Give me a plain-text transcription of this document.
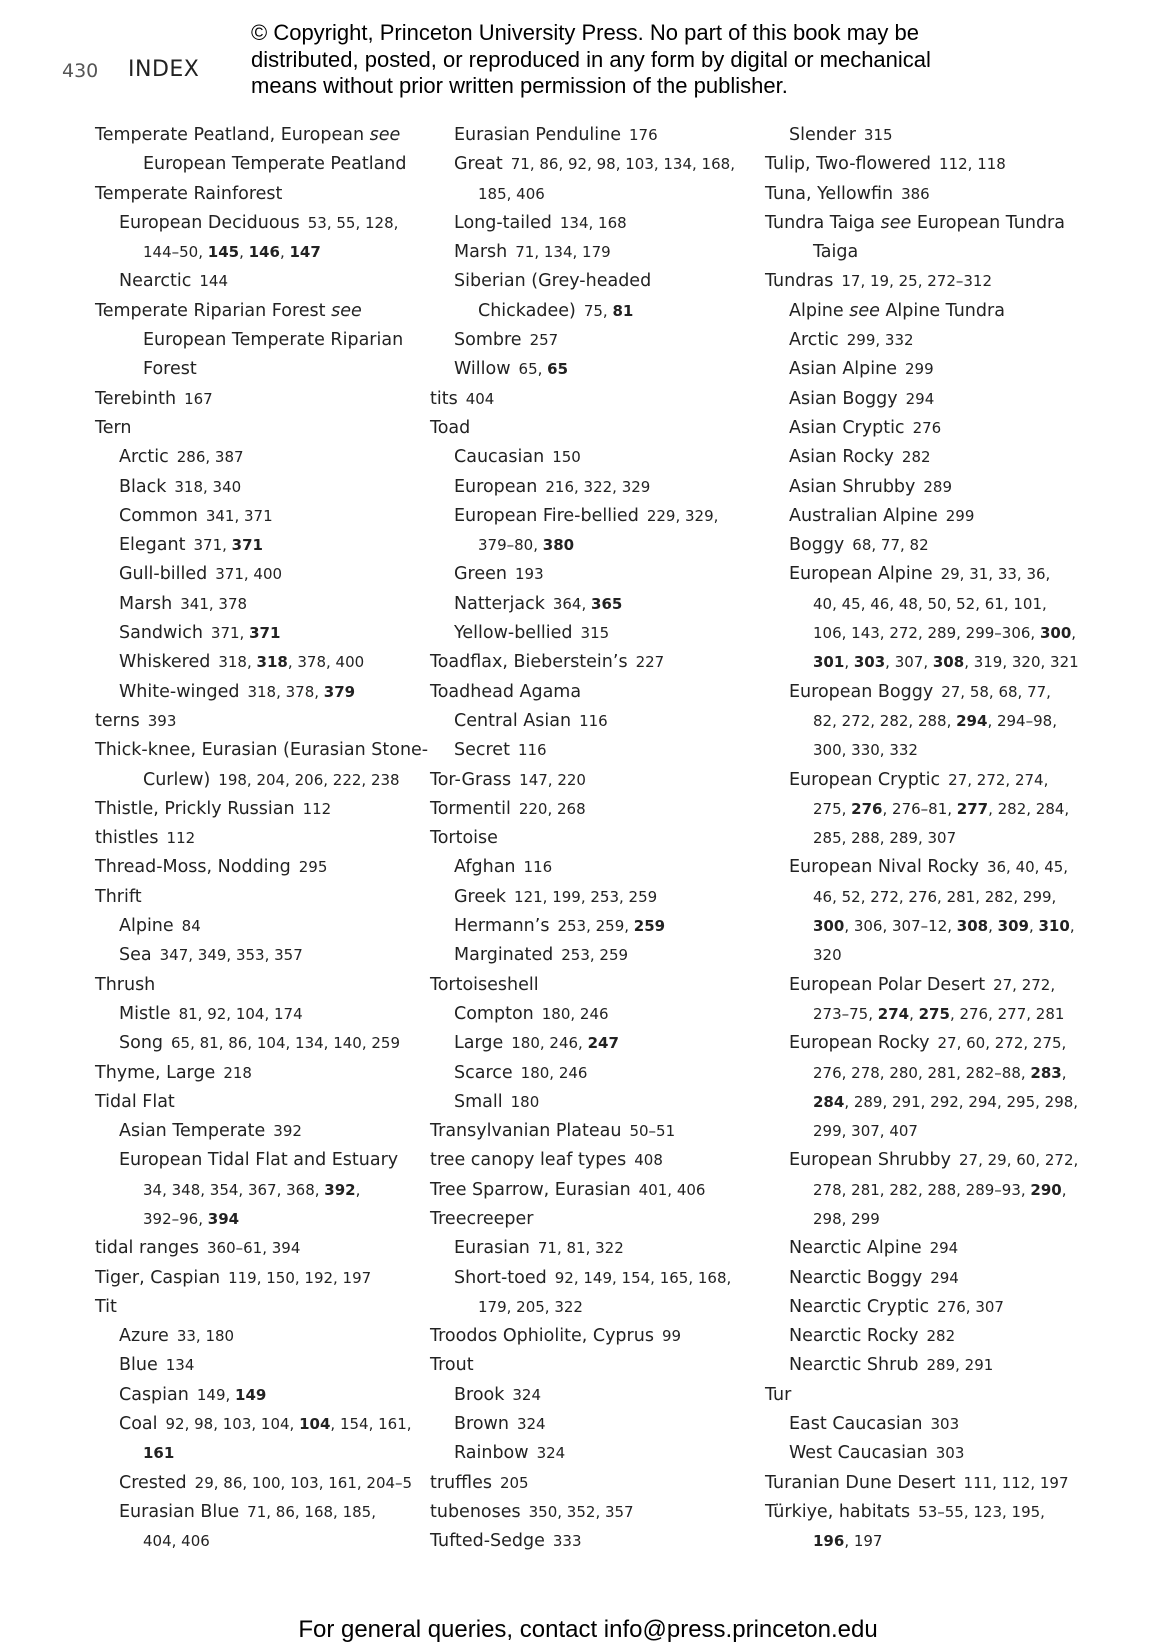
430 INDEX
© Copyright, Princeton University Press. No part of this book may be
distributed, posted, or reproduced in any form by digital or mechanical
means without prior written permission of the publisher.
Temperate Peatland, European see
European Temperate Peatland
Temperate Rainforest
European Deciduous 53, 55, 128,
144–50, 145, 146, 147
Nearctic 144
Temperate Riparian Forest see
European Temperate Riparian
Forest
Terebinth 167
Tern
Arctic 286, 387
Black 318, 340
Common 341, 371
Elegant 371, 371
Gull-billed 371, 400
Marsh 341, 378
Sandwich 371, 371
Whiskered 318, 318, 378, 400
White-winged 318, 378, 379
terns 393
Thick-knee, Eurasian (Eurasian Stone-
Curlew) 198, 204, 206, 222, 238
Thistle, Prickly Russian 112
thistles 112
Thread-Moss, Nodding 295
Thrift
Alpine 84
Sea 347, 349, 353, 357
Thrush
Mistle 81, 92, 104, 174
Song 65, 81, 86, 104, 134, 140, 259
Thyme, Large 218
Tidal Flat
Asian Temperate 392
European Tidal Flat and Estuary
34, 348, 354, 367, 368, 392,
392–96, 394
tidal ranges 360–61, 394
Tiger, Caspian 119, 150, 192, 197
Tit
Azure 33, 180
Blue 134
Caspian 149, 149
Coal 92, 98, 103, 104, 104, 154, 161,
161
Crested 29, 86, 100, 103, 161, 204–5
Eurasian Blue 71, 86, 168, 185,
404, 406
Eurasian Penduline 176
Great 71, 86, 92, 98, 103, 134, 168,
185, 406
Long-tailed 134, 168
Marsh 71, 134, 179
Siberian (Grey-headed
Chickadee) 75, 81
Sombre 257
Willow 65, 65
tits 404
Toad
Caucasian 150
European 216, 322, 329
European Fire-bellied 229, 329,
379–80, 380
Green 193
Natterjack 364, 365
Yellow-bellied 315
Toadflax, Bieberstein’s 227
Toadhead Agama
Central Asian 116
Secret 116
Tor-Grass 147, 220
Tormentil 220, 268
Tortoise
Afghan 116
Greek 121, 199, 253, 259
Hermann’s 253, 259, 259
Marginated 253, 259
Tortoiseshell
Compton 180, 246
Large 180, 246, 247
Scarce 180, 246
Small 180
Transylvanian Plateau 50–51
tree canopy leaf types 408
Tree Sparrow, Eurasian 401, 406
Treecreeper
Eurasian 71, 81, 322
Short-toed 92, 149, 154, 165, 168,
179, 205, 322
Troodos Ophiolite, Cyprus 99
Trout
Brook 324
Brown 324
Rainbow 324
truffles 205
tubenoses 350, 352, 357
Tufted-Sedge 333
Slender 315
Tulip, Two-flowered 112, 118
Tuna, Yellowfin 386
Tundra Taiga see European Tundra
Taiga
Tundras 17, 19, 25, 272–312
Alpine see Alpine Tundra
Arctic 299, 332
Asian Alpine 299
Asian Boggy 294
Asian Cryptic 276
Asian Rocky 282
Asian Shrubby 289
Australian Alpine 299
Boggy 68, 77, 82
European Alpine 29, 31, 33, 36,
40, 45, 46, 48, 50, 52, 61, 101,
106, 143, 272, 289, 299–306, 300,
301, 303, 307, 308, 319, 320, 321
European Boggy 27, 58, 68, 77,
82, 272, 282, 288, 294, 294–98,
300, 330, 332
European Cryptic 27, 272, 274,
275, 276, 276–81, 277, 282, 284,
285, 288, 289, 307
European Nival Rocky 36, 40, 45,
46, 52, 272, 276, 281, 282, 299,
300, 306, 307–12, 308, 309, 310,
320
European Polar Desert 27, 272,
273–75, 274, 275, 276, 277, 281
European Rocky 27, 60, 272, 275,
276, 278, 280, 281, 282–88, 283,
284, 289, 291, 292, 294, 295, 298,
299, 307, 407
European Shrubby 27, 29, 60, 272,
278, 281, 282, 288, 289–93, 290,
298, 299
Nearctic Alpine 294
Nearctic Boggy 294
Nearctic Cryptic 276, 307
Nearctic Rocky 282
Nearctic Shrub 289, 291
Tur
East Caucasian 303
West Caucasian 303
Turanian Dune Desert 111, 112, 197
Türkiye, habitats 53–55, 123, 195,
196, 197
For general queries, contact info@press.princeton.edu
